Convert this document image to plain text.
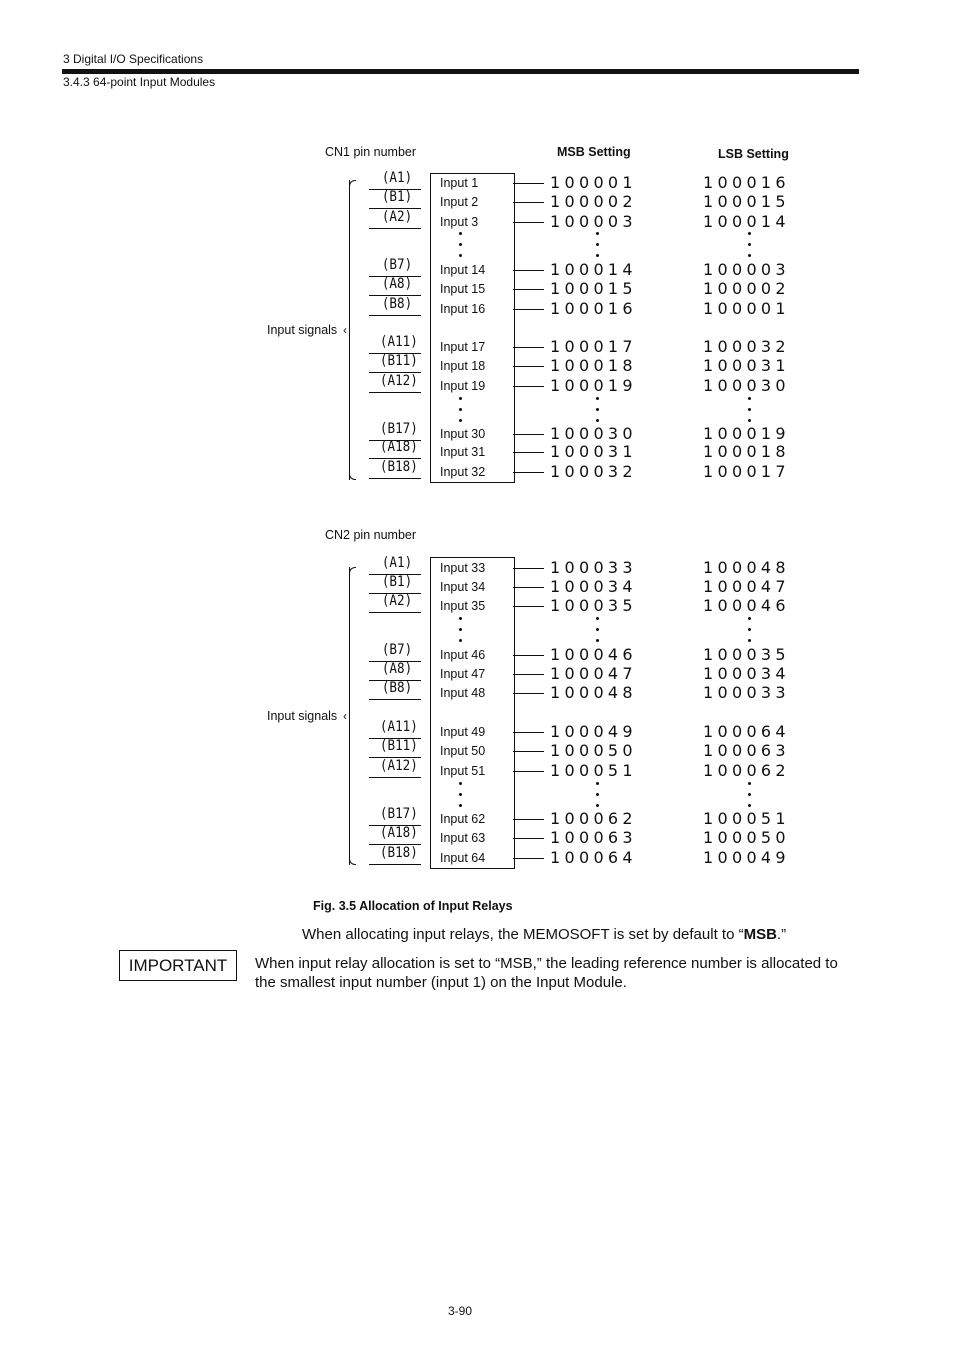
3 Digital I/O Specifications
3.4.3 64-point Input Modules
CN1 pin number	MSB Setting	LSB Setting
CN2 pin number
‹
Input signals
‹
Input signals
(A1) Input 1	100001	100016
(B1) Input 2	100002	100015
(A2) Input 3	100003	100014
(B7) Input 14	100014	100003
(A8) Input 15	100015	100002
(B8) Input 16	100016	100001
(A11) Input 17	100017	100032
(B11) Input 18	100018	100031
(A12) Input 19	100019	100030
(B17) Input 30	100030	100019
(A18) Input 31	100031	100018
(B18) Input 32	100032	100017
(A1) Input 33	100033	100048
(B1) Input 34	100034	100047
(A2) Input 35	100035	100046
(B7) Input 46	100046	100035
(A8) Input 47	100047	100034
(B8) Input 48	100048	100033
(A11) Input 49	100049	100064
(B11) Input 50	100050	100063
(A12) Input 51	100051	100062
(B17) Input 62	100062	100051
(A18) Input 63	100063	100050
(B18) Input 64	100064	100049
Fig. 3.5 Allocation of Input Relays
When allocating input relays, the MEMOSOFT is set by default to “MSB.”
IMPORTANT	When input relay allocation is set to “MSB,” the leading reference number is allocated to the smallest input number (input 1) on the Input Module.
3-90
